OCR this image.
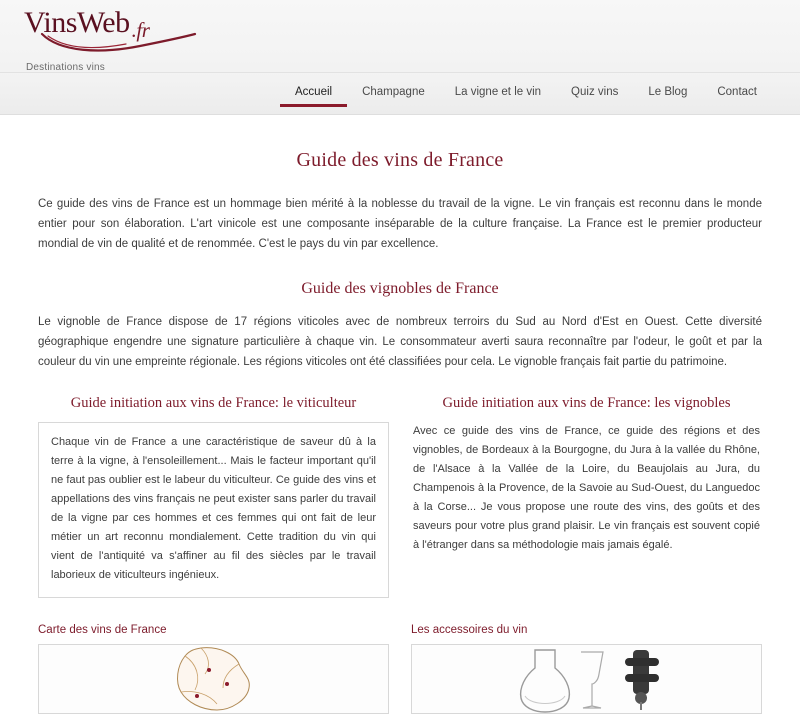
VinsWeb.fr
Destinations vins
Accueil	Champagne	La vigne et le vin	Quiz vins	Le Blog	Contact
Guide des vins de France

Ce guide des vins de France est un hommage bien mérité à la noblesse du travail de la vigne. Le vin français est reconnu dans le monde entier pour son élaboration. L'art vinicole est une composante inséparable de la culture française. La France est le premier producteur mondial de vin de qualité et de renommée. C'est le pays du vin par excellence.

Guide des vignobles de France

Le vignoble de France dispose de 17 régions viticoles avec de nombreux terroirs du Sud au Nord d'Est en Ouest. Cette diversité géographique engendre une signature particulière à chaque vin. Le consommateur averti saura reconnaître par l'odeur, le goût et par la couleur du vin une empreinte régionale. Les régions viticoles ont été classifiées pour cela. Le vignoble français fait partie du patrimoine.

Guide initiation aux vins de France: le viticulteur
Chaque vin de France a une caractéristique de saveur dû à la terre à la vigne, à l'ensoleillement... Mais le facteur important qu'il ne faut pas oublier est le labeur du viticulteur. Ce guide des vins et appellations des vins français ne peut exister sans parler du travail de la vigne par ces hommes et ces femmes qui ont fait de leur métier un art reconnu mondialement. Cette tradition du vin qui vient de l'antiquité va s'affiner au fil des siècles par le travail laborieux de viticulteurs ingénieux.
Guide initiation aux vins de France: les vignobles
Avec ce guide des vins de France, ce guide des régions et des vignobles, de Bordeaux à la Bourgogne, du Jura à la vallée du Rhône, de l'Alsace à la Vallée de la Loire, du Beaujolais au Jura, du Champenois à la Provence, de la Savoie au Sud-Ouest, du Languedoc à la Corse... Je vous propose une route des vins, des goûts et des saveurs pour votre plus grand plaisir. Le vin français est souvent copié à l'étranger dans sa méthodologie mais jamais égalé.
Carte des vins de France	Les accessoires du vin
